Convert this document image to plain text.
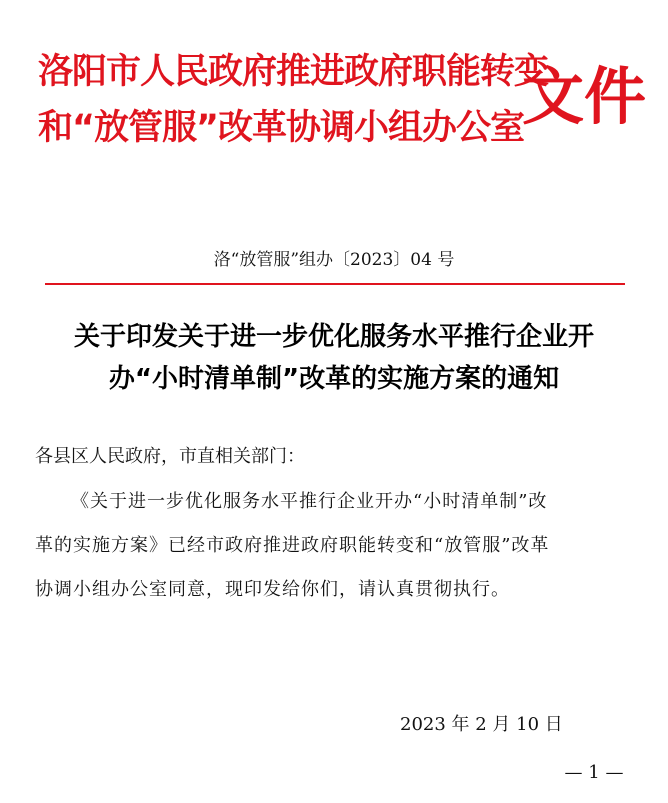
洛阳市人民政府推进政府职能转变
和“放管服”改革协调小组办公室
文件
洛“放管服”组办〔2023〕04 号
关于印发关于进一步优化服务水平推行企业开
办“小时清单制”改革的实施方案的通知
各县区人民政府，市直相关部门：
《关于进一步优化服务水平推行企业开办“小时清单制”改
革的实施方案》已经市政府推进政府职能转变和“放管服”改革
协调小组办公室同意，现印发给你们，请认真贯彻执行。
2023 年 2 月 10 日
— 1 —
